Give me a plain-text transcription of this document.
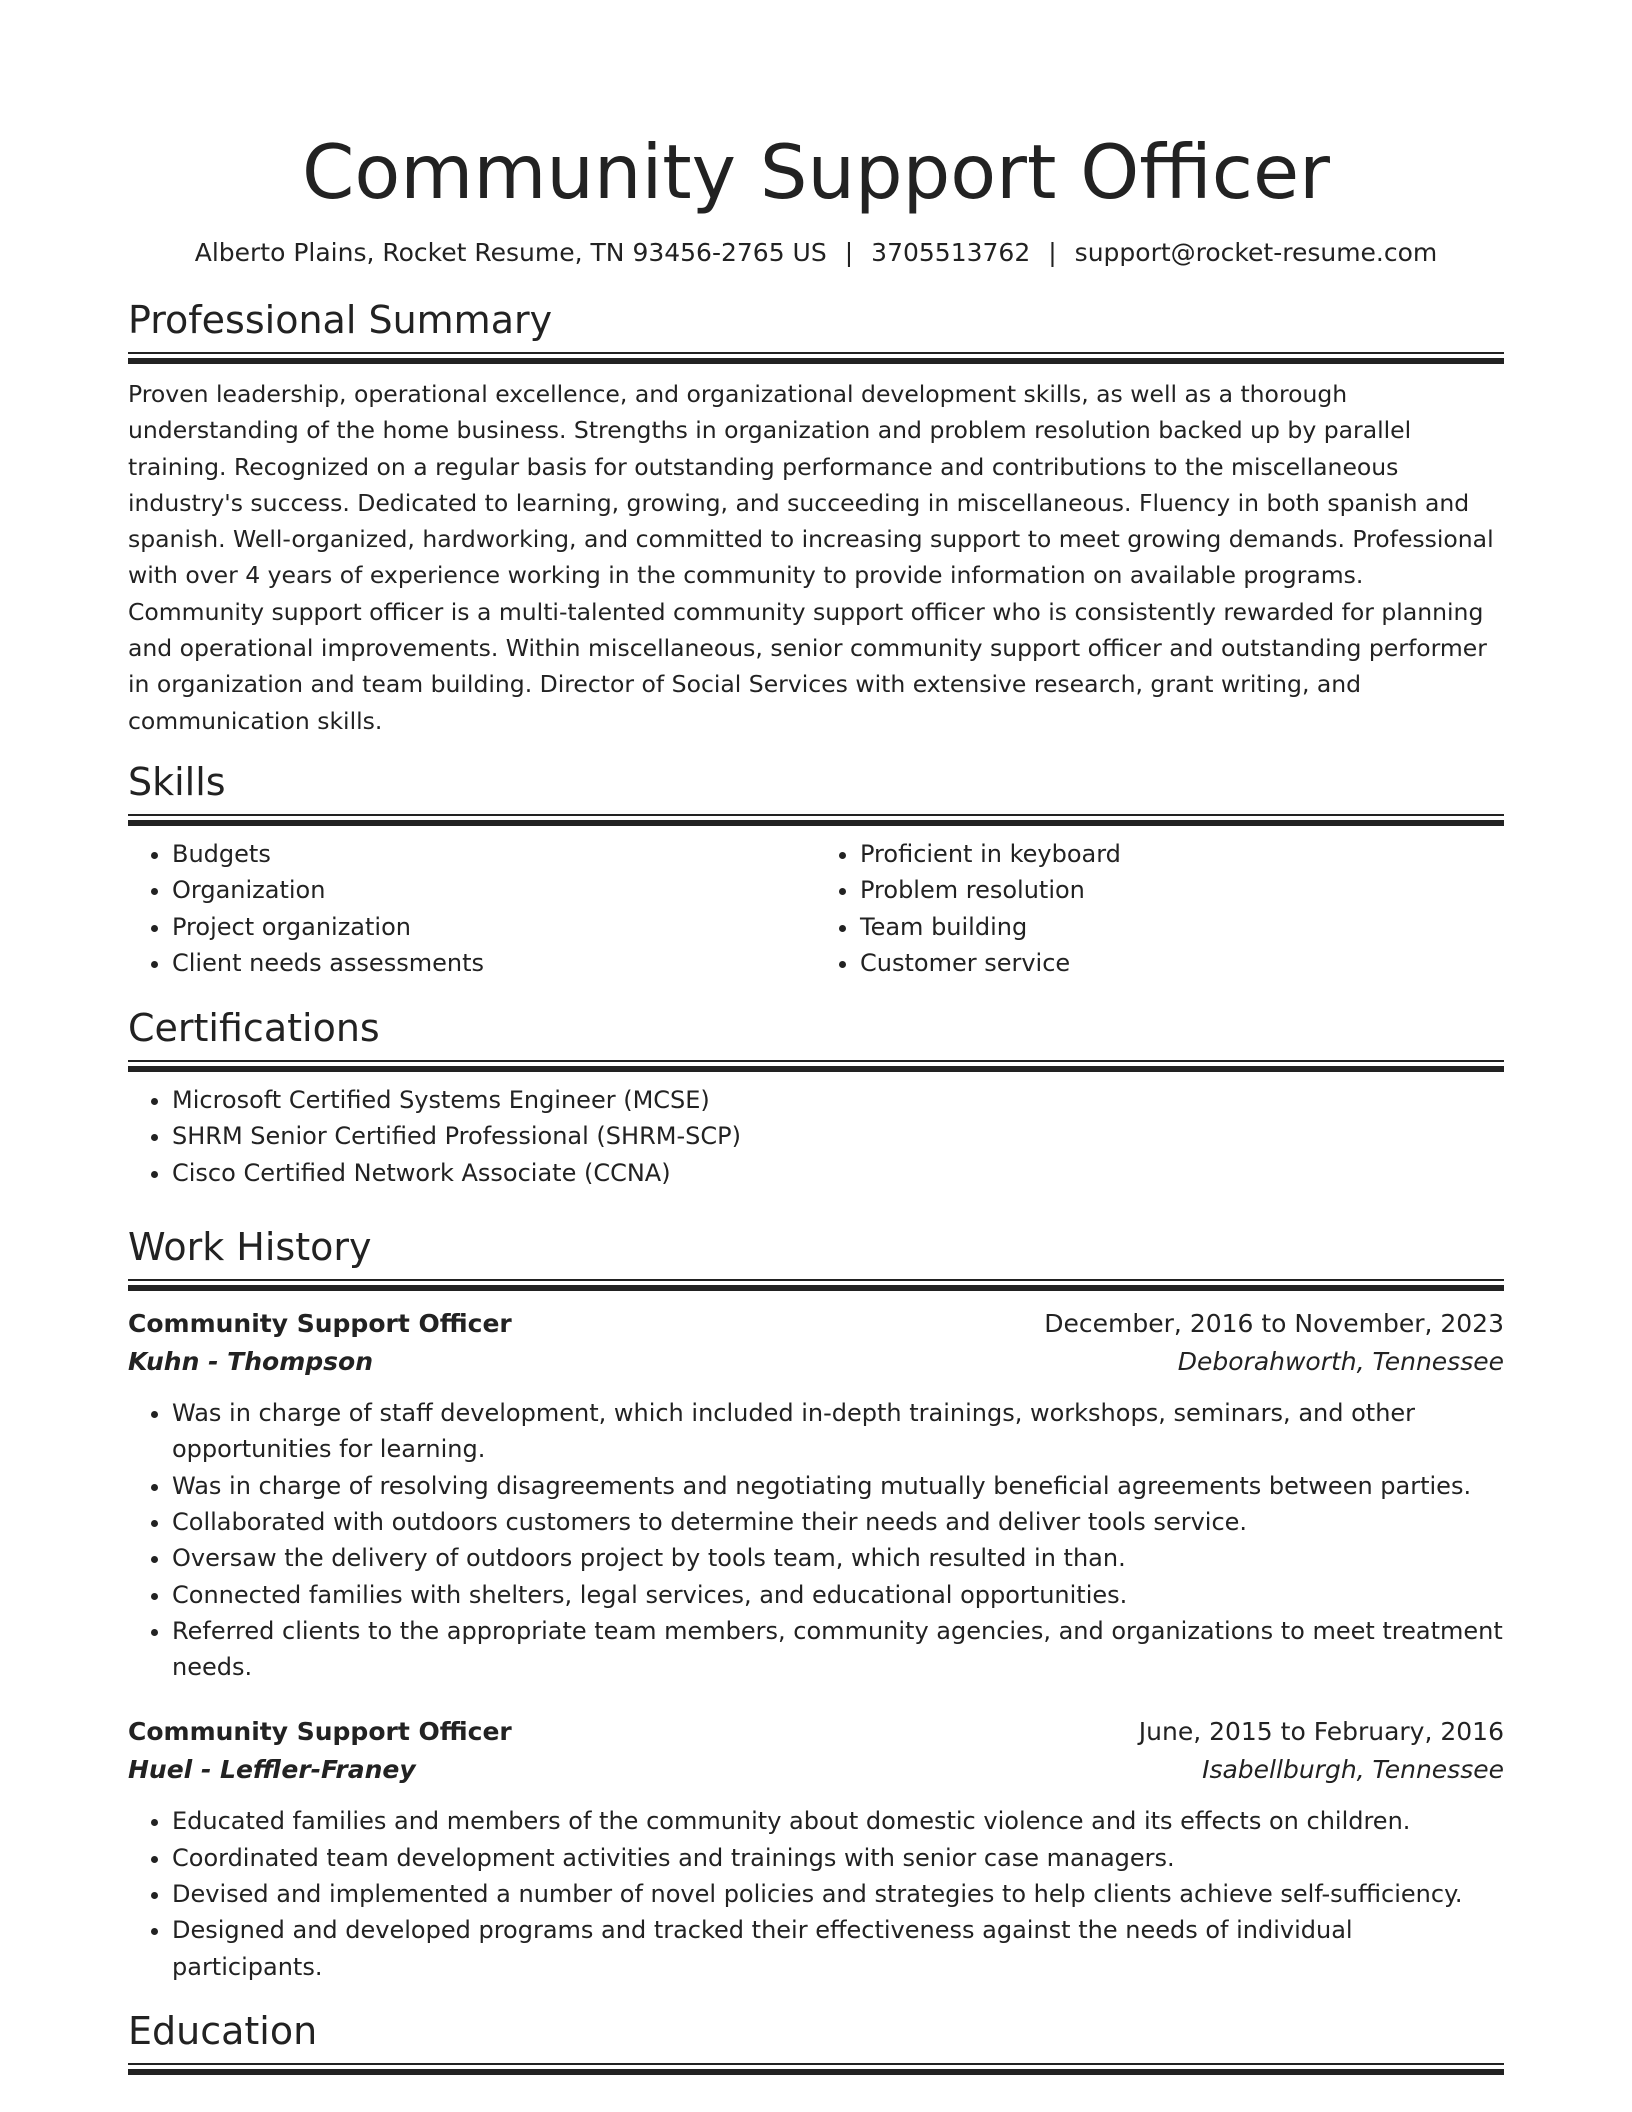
Community Support Officer
Alberto Plains, Rocket Resume, TN 93456-2765 US | 3705513762 | support@rocket-resume.com
Professional Summary
Proven leadership, operational excellence, and organizational development skills, as well as a thorough understanding of the home business. Strengths in organization and problem resolution backed up by parallel training. Recognized on a regular basis for outstanding performance and contributions to the miscellaneous industry's success. Dedicated to learning, growing, and succeeding in miscellaneous. Fluency in both spanish and spanish. Well-organized, hardworking, and committed to increasing support to meet growing demands. Professional with over 4 years of experience working in the community to provide information on available programs. Community support officer is a multi-talented community support officer who is consistently rewarded for planning and operational improvements. Within miscellaneous, senior community support officer and outstanding performer in organization and team building. Director of Social Services with extensive research, grant writing, and communication skills.
Skills
• Budgets
• Organization
• Project organization
• Client needs assessments
• Proficient in keyboard
• Problem resolution
• Team building
• Customer service
Certifications
• Microsoft Certified Systems Engineer (MCSE)
• SHRM Senior Certified Professional (SHRM-SCP)
• Cisco Certified Network Associate (CCNA)
Work History
Community Support Officer	December, 2016 to November, 2023
Kuhn - Thompson	Deborahworth, Tennessee
• Was in charge of staff development, which included in-depth trainings, workshops, seminars, and other opportunities for learning.
• Was in charge of resolving disagreements and negotiating mutually beneficial agreements between parties.
• Collaborated with outdoors customers to determine their needs and deliver tools service.
• Oversaw the delivery of outdoors project by tools team, which resulted in than.
• Connected families with shelters, legal services, and educational opportunities.
• Referred clients to the appropriate team members, community agencies, and organizations to meet treatment needs.
Community Support Officer	June, 2015 to February, 2016
Huel - Leffler-Franey	Isabellburgh, Tennessee
• Educated families and members of the community about domestic violence and its effects on children.
• Coordinated team development activities and trainings with senior case managers.
• Devised and implemented a number of novel policies and strategies to help clients achieve self-sufficiency.
• Designed and developed programs and tracked their effectiveness against the needs of individual participants.
Education
